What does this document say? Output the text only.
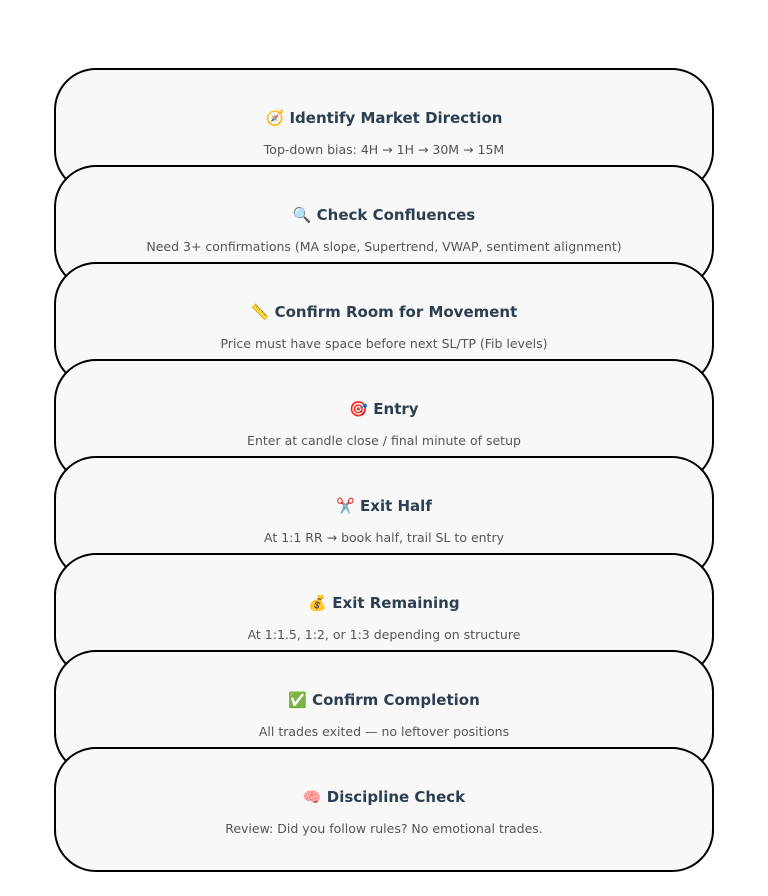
🧭 Identify Market Direction
Top-down bias: 4H → 1H → 30M → 15M
🔍 Check Confluences
Need 3+ confirmations (MA slope, Supertrend, VWAP, sentiment alignment)
📏 Confirm Room for Movement
Price must have space before next SL/TP (Fib levels)
🎯 Entry
Enter at candle close / final minute of setup
✂️ Exit Half
At 1:1 RR → book half, trail SL to entry
💰 Exit Remaining
At 1:1.5, 1:2, or 1:3 depending on structure
✅ Confirm Completion
All trades exited — no leftover positions
🧠 Discipline Check
Review: Did you follow rules? No emotional trades.
